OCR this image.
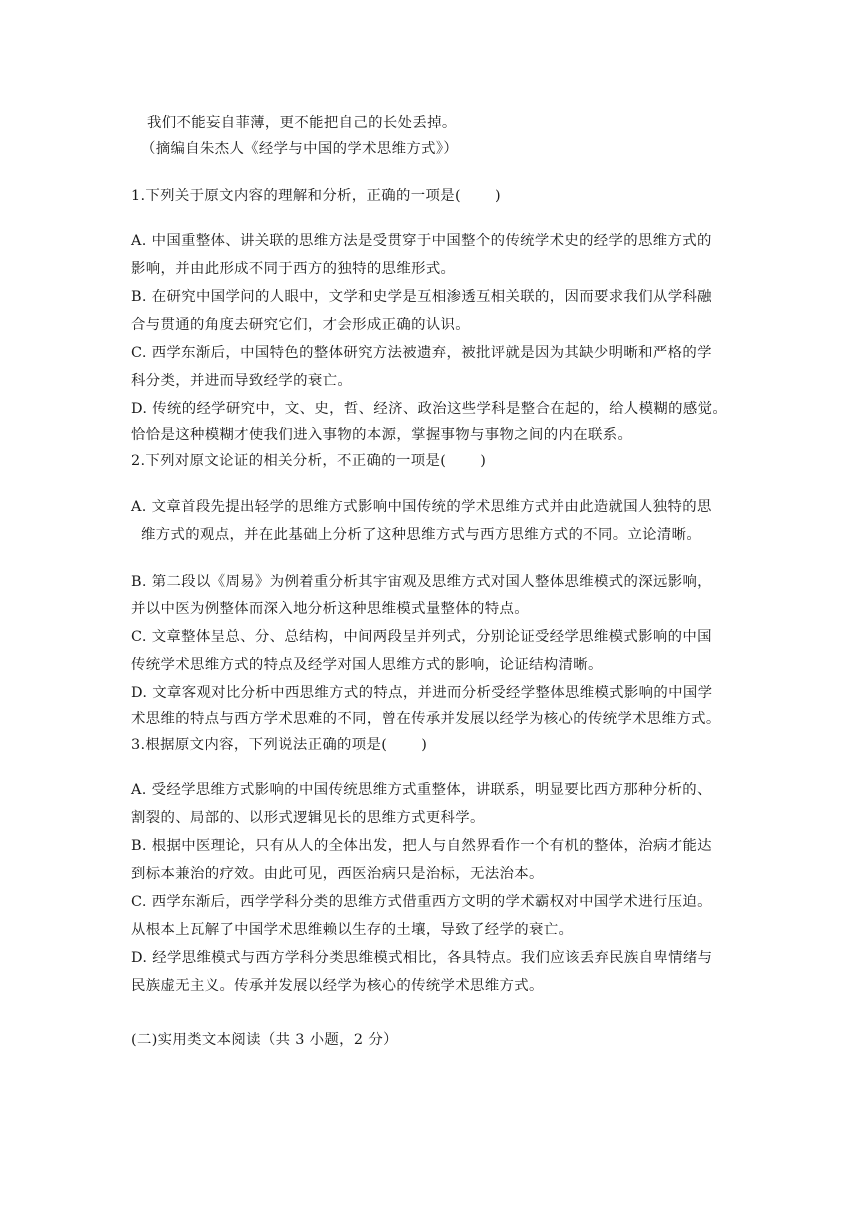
我们不能妄自菲薄，更不能把自己的长处丢掉。
（摘编自朱杰人《经学与中国的学术思维方式》）
1.下列关于原文内容的理解和分析，正确的一项是( )
A. 中国重整体、讲关联的思维方法是受贯穿于中国整个的传统学术史的经学的思维方式的
影响，并由此形成不同于西方的独特的思维形式。
B. 在研究中国学问的人眼中，文学和史学是互相渗透互相关联的，因而要求我们从学科融
合与贯通的角度去研究它们，才会形成正确的认识。
C. 西学东渐后，中国特色的整体研究方法被遗弃，被批评就是因为其缺少明晰和严格的学
科分类，并进而导致经学的衰亡。
D. 传统的经学研究中，文、史，哲、经济、政治这些学科是整合在起的，给人模糊的感觉。
恰恰是这种模糊才使我们进入事物的本源，掌握事物与事物之间的内在联系。
2.下列对原文论证的相关分析，不正确的一项是( )
A. 文章首段先提出轻学的思维方式影响中国传统的学术思维方式并由此造就国人独特的思
维方式的观点，并在此基础上分析了这种思维方式与西方思维方式的不同。立论清晰。
B. 第二段以《周易》为例着重分析其宇宙观及思维方式对国人整体思维模式的深远影响，
并以中医为例整体而深入地分析这种思维模式量整体的特点。
C. 文章整体呈总、分、总结构，中间两段呈并列式，分别论证受经学思维模式影响的中国
传统学术思维方式的特点及经学对国人思维方式的影响，论证结构清晰。
D. 文章客观对比分析中西思维方式的特点，并进而分析受经学整体思维模式影响的中国学
术思维的特点与西方学术思难的不同，曾在传承并发展以经学为核心的传统学术思维方式。
3.根据原文内容，下列说法正确的项是( )
A. 受经学思维方式影响的中国传统思维方式重整体，讲联系，明显要比西方那种分析的、
割裂的、局部的、以形式逻辑见长的思维方式更科学。
B. 根据中医理论，只有从人的全体出发，把人与自然界看作一个有机的整体，治病才能达
到标本兼治的疗效。由此可见，西医治病只是治标，无法治本。
C. 西学东渐后，西学学科分类的思维方式借重西方文明的学术霸权对中国学术进行压迫。
从根本上瓦解了中国学术思维赖以生存的土壤，导致了经学的衰亡。
D. 经学思维模式与西方学科分类思维模式相比，各具特点。我们应该丢弃民族自卑情绪与
民族虚无主义。传承并发展以经学为核心的传统学术思维方式。
(二)实用类文本阅读（共 3 小题，2 分）
